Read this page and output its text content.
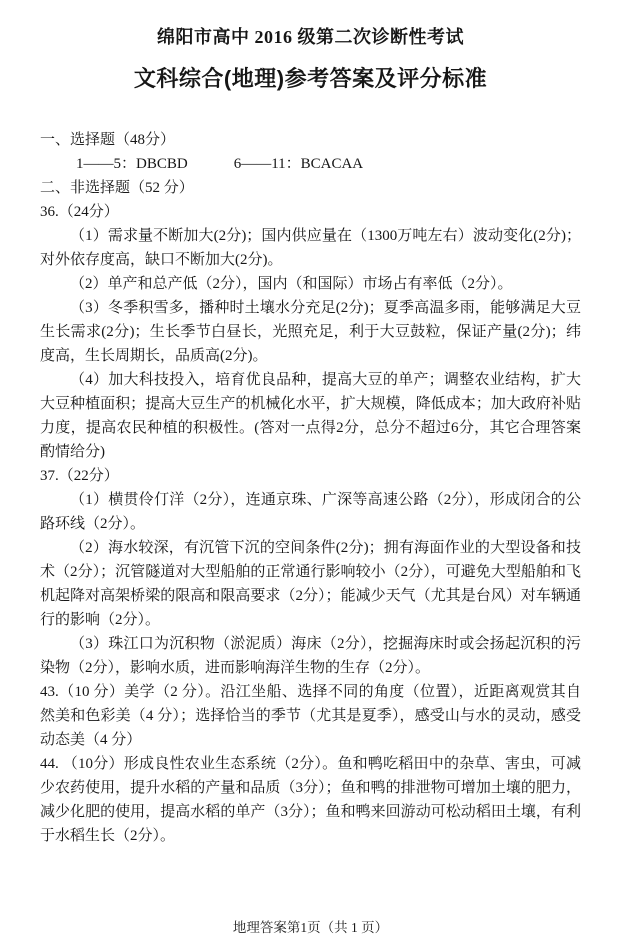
绵阳市高中 2016 级第二次诊断性考试
文科综合(地理)参考答案及评分标准

一、选择题（48分）

1——5：DBCBD	6——11：BCACAA

二、非选择题（52 分）

36.（24分）

（1）需求量不断加大(2分)；国内供应量在（1300万吨左右）波动变化(2分)；对外依存度高，缺口不断加大(2分)。

（2）单产和总产低（2分），国内（和国际）市场占有率低（2分）。

（3）冬季积雪多，播种时土壤水分充足(2分)；夏季高温多雨，能够满足大豆生长需求(2分)；生长季节白昼长，光照充足，利于大豆鼓粒，保证产量(2分)；纬度高，生长周期长，品质高(2分)。

（4）加大科技投入，培育优良品种，提高大豆的单产；调整农业结构，扩大大豆种植面积；提高大豆生产的机械化水平，扩大规模，降低成本；加大政府补贴力度，提高农民种植的积极性。(答对一点得2分，总分不超过6分，其它合理答案酌情给分)

37.（22分）

（1）横贯伶仃洋（2分），连通京珠、广深等高速公路（2分），形成闭合的公路环线（2分）。

（2）海水较深，有沉管下沉的空间条件(2分)；拥有海面作业的大型设备和技术（2分）；沉管隧道对大型船舶的正常通行影响较小（2分），可避免大型船舶和飞机起降对高架桥梁的限高和限高要求（2分）；能减少天气（尤其是台风）对车辆通行的影响（2分）。

（3）珠江口为沉积物（淤泥质）海床（2分），挖掘海床时或会扬起沉积的污染物（2分），影响水质，进而影响海洋生物的生存（2分）。

43.（10 分）美学（2 分）。沿江坐船、选择不同的角度（位置），近距离观赏其自然美和色彩美（4 分）；选择恰当的季节（尤其是夏季），感受山与水的灵动，感受动态美（4 分）

44. （10分）形成良性农业生态系统（2分）。鱼和鸭吃稻田中的杂草、害虫，可减少农药使用，提升水稻的产量和品质（3分）；鱼和鸭的排泄物可增加土壤的肥力，减少化肥的使用，提高水稻的单产（3分）；鱼和鸭来回游动可松动稻田土壤，有利于水稻生长（2分）。

地理答案第1页（共 1 页）
